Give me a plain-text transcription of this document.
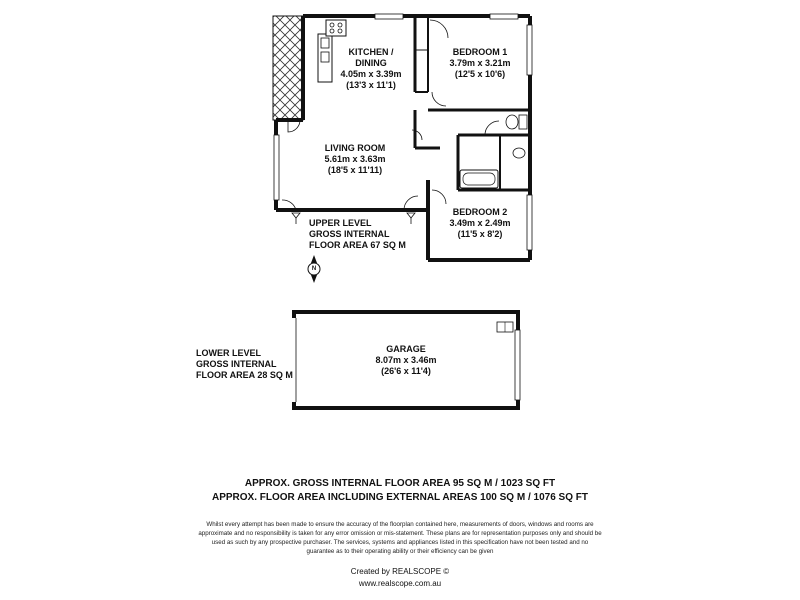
KITCHEN /
DINING
4.05m x 3.39m
(13'3 x 11'1)
BEDROOM 1
3.79m x 3.21m
(12'5 x 10'6)
LIVING ROOM
5.61m x 3.63m
(18'5 x 11'11)
BEDROOM 2
3.49m x 2.49m
(11'5 x 8'2)
GARAGE
8.07m x 3.46m
(26'6 x 11'4)
UPPER LEVEL
GROSS INTERNAL
FLOOR AREA 67 SQ M
LOWER LEVEL
GROSS INTERNAL
FLOOR AREA 28 SQ M
N
APPROX. GROSS INTERNAL FLOOR AREA 95 SQ M / 1023 SQ FT
APPROX. FLOOR AREA INCLUDING EXTERNAL AREAS 100 SQ M / 1076 SQ FT
Whilst every attempt has been made to ensure the accuracy of the floorplan contained here, measurements of doors, windows and rooms are
approximate and no responsibility is taken for any error omission or mis-statement. These plans are for representation purposes only and should be
used as such by any prospective purchaser. The services, systems and appliances listed in this specification have not been tested and no
guarantee as to their operating ability or their efficiency can be given
Created by REALSCOPE ©
www.realscope.com.au
